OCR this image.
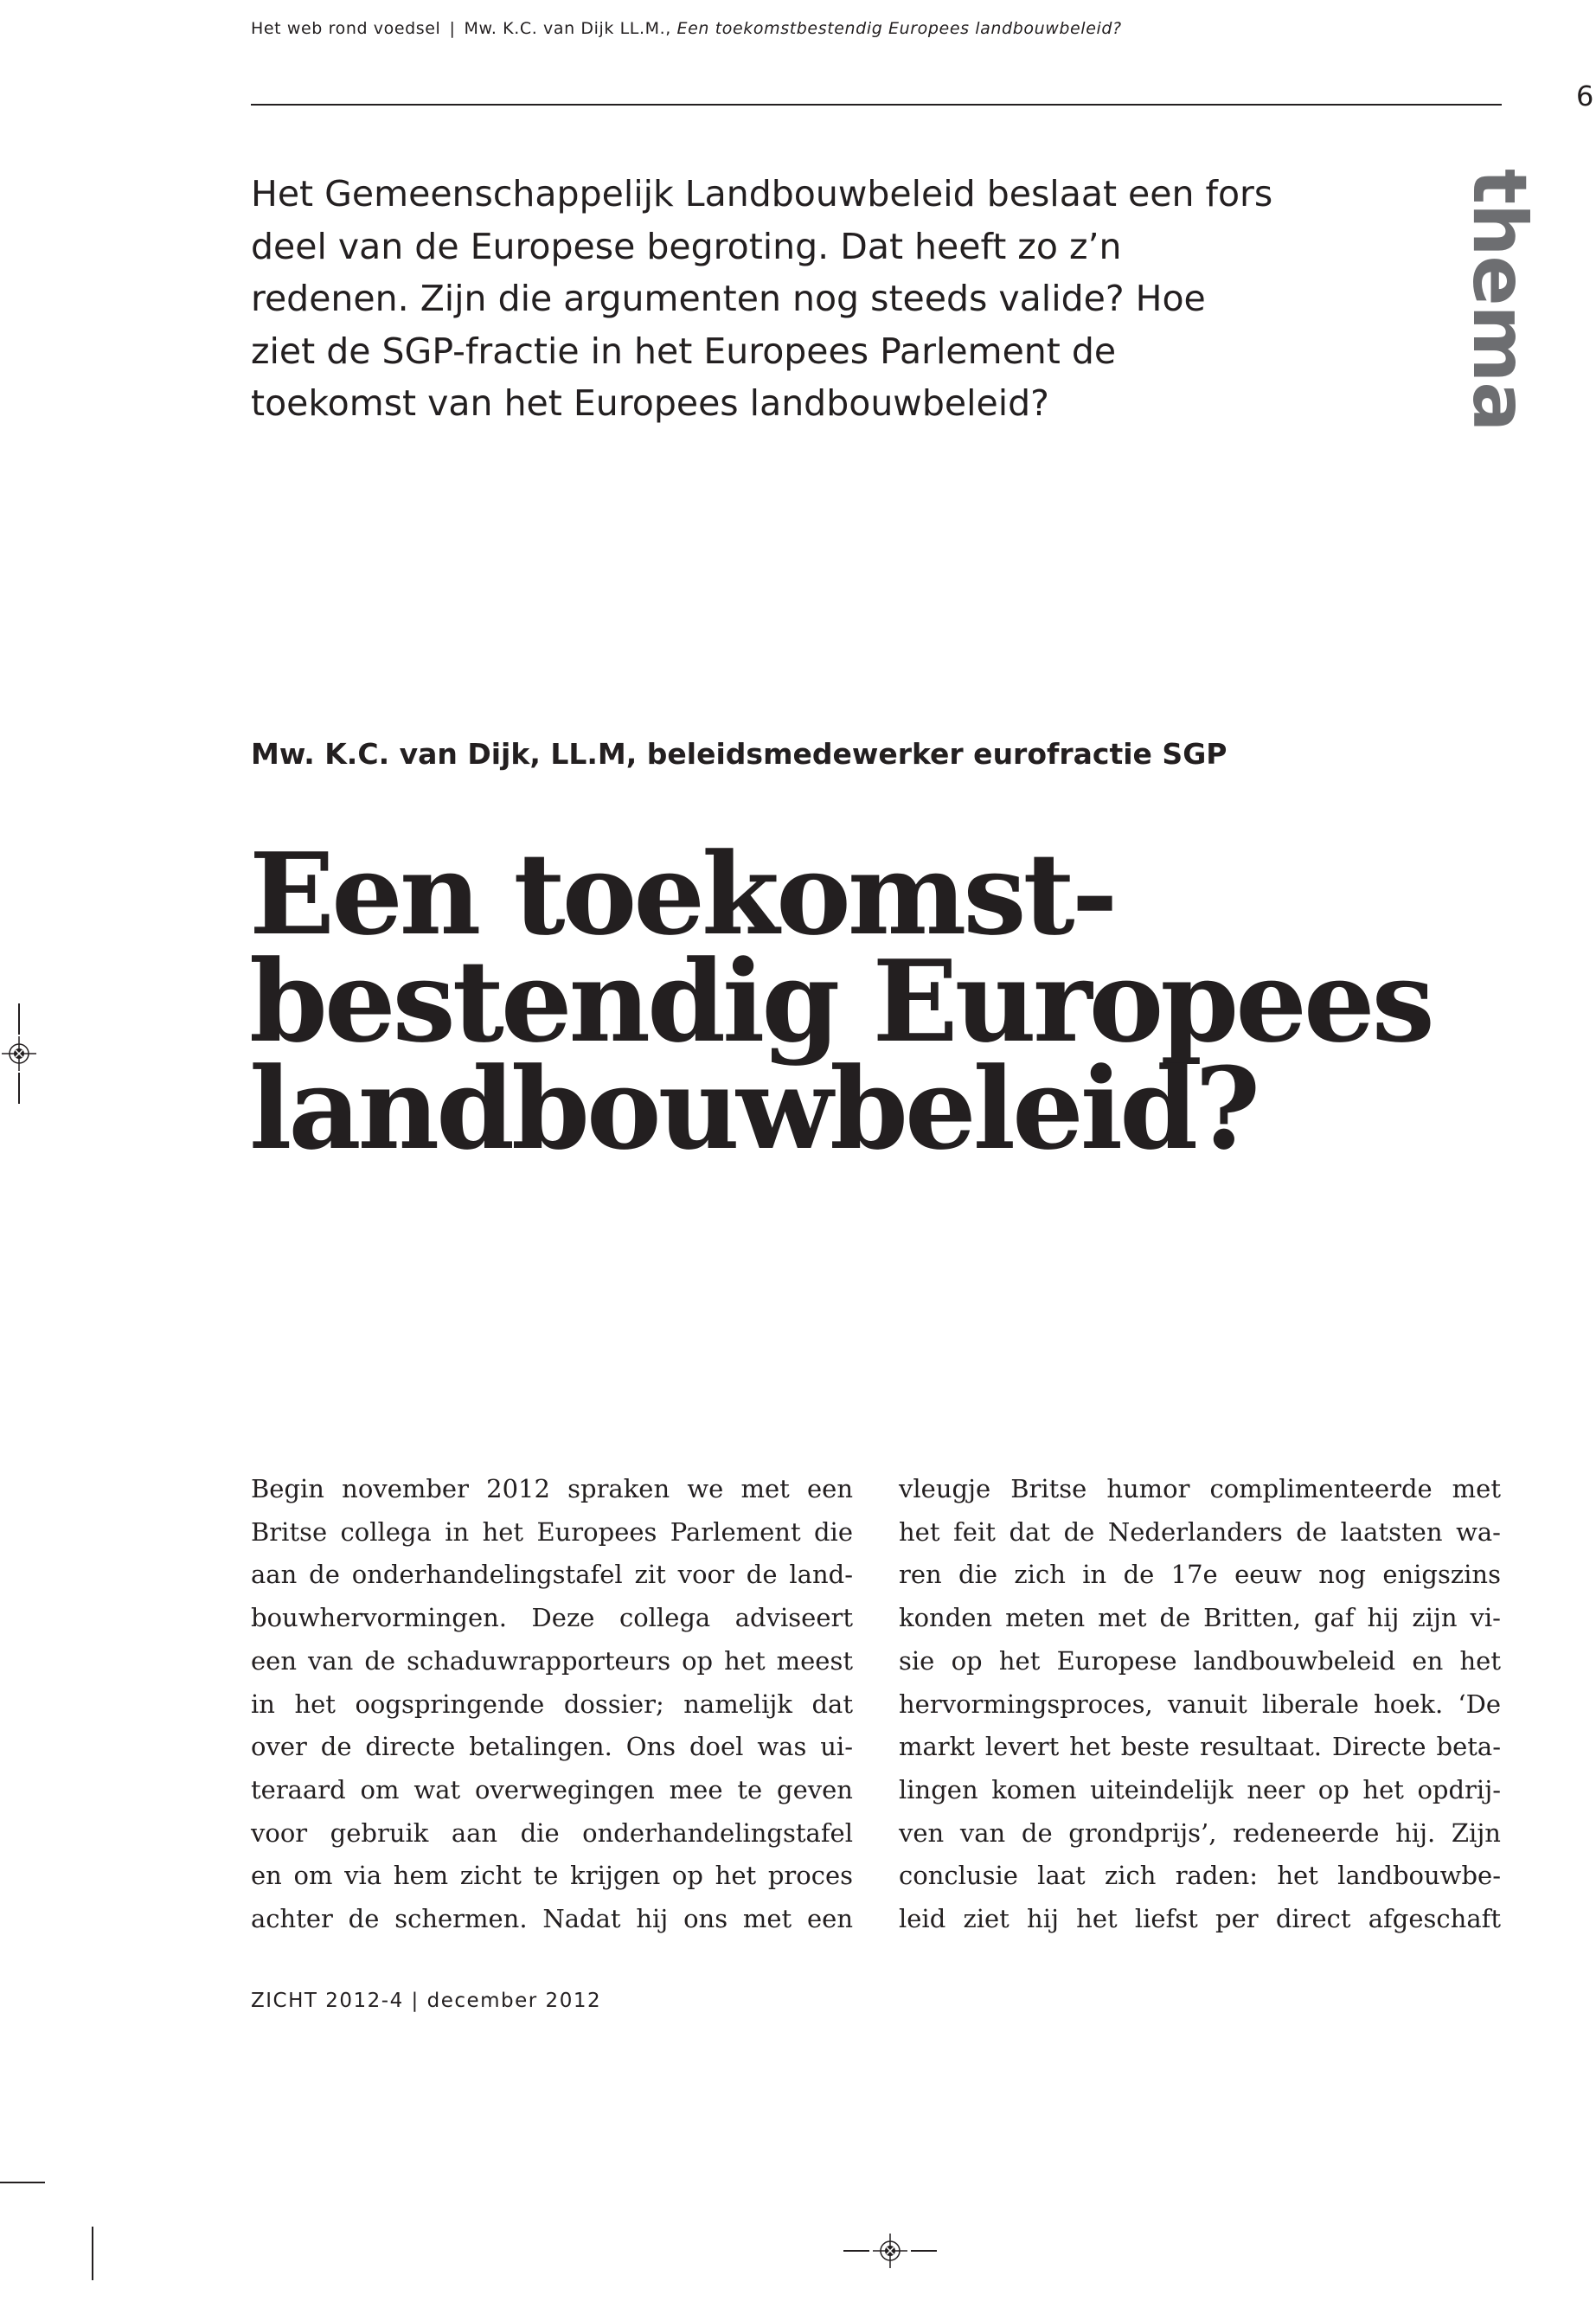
Het web rond voedsel | Mw. K.C. van Dijk LL.M., Een toekomstbestendig Europees landbouwbeleid?
6
Het Gemeenschappelijk Landbouwbeleid beslaat een fors
deel van de Europese begroting. Dat heeft zo z’n
redenen. Zijn die argumenten nog steeds valide? Hoe
ziet de SGP-fractie in het Europees Parlement de
toekomst van het Europees landbouwbeleid?	thema
Mw. K.C. van Dijk, LL.M, beleidsmedewerker eurofractie SGP
Een toekomst-
bestendig Europees
landbouwbeleid?
Begin november 2012 spraken we met een
Britse collega in het Europees Parlement die
aan de onderhandelingstafel zit voor de land-
bouwhervormingen. Deze collega adviseert
een van de schaduwrapporteurs op het meest
in het oogspringende dossier; namelijk dat
over de directe betalingen. Ons doel was ui-
teraard om wat overwegingen mee te geven
voor gebruik aan die onderhandelingstafel
en om via hem zicht te krijgen op het proces
achter de schermen. Nadat hij ons met een
vleugje Britse humor complimenteerde met
het feit dat de Nederlanders de laatsten wa-
ren die zich in de 17e eeuw nog enigszins
konden meten met de Britten, gaf hij zijn vi-
sie op het Europese landbouwbeleid en het
hervormingsproces, vanuit liberale hoek. ‘De
markt levert het beste resultaat. Directe beta-
lingen komen uiteindelijk neer op het opdrij-
ven van de grondprijs’, redeneerde hij. Zijn
conclusie laat zich raden: het landbouwbe-
leid ziet hij het liefst per direct afgeschaft
ZICHT 2012-4 | december 2012
